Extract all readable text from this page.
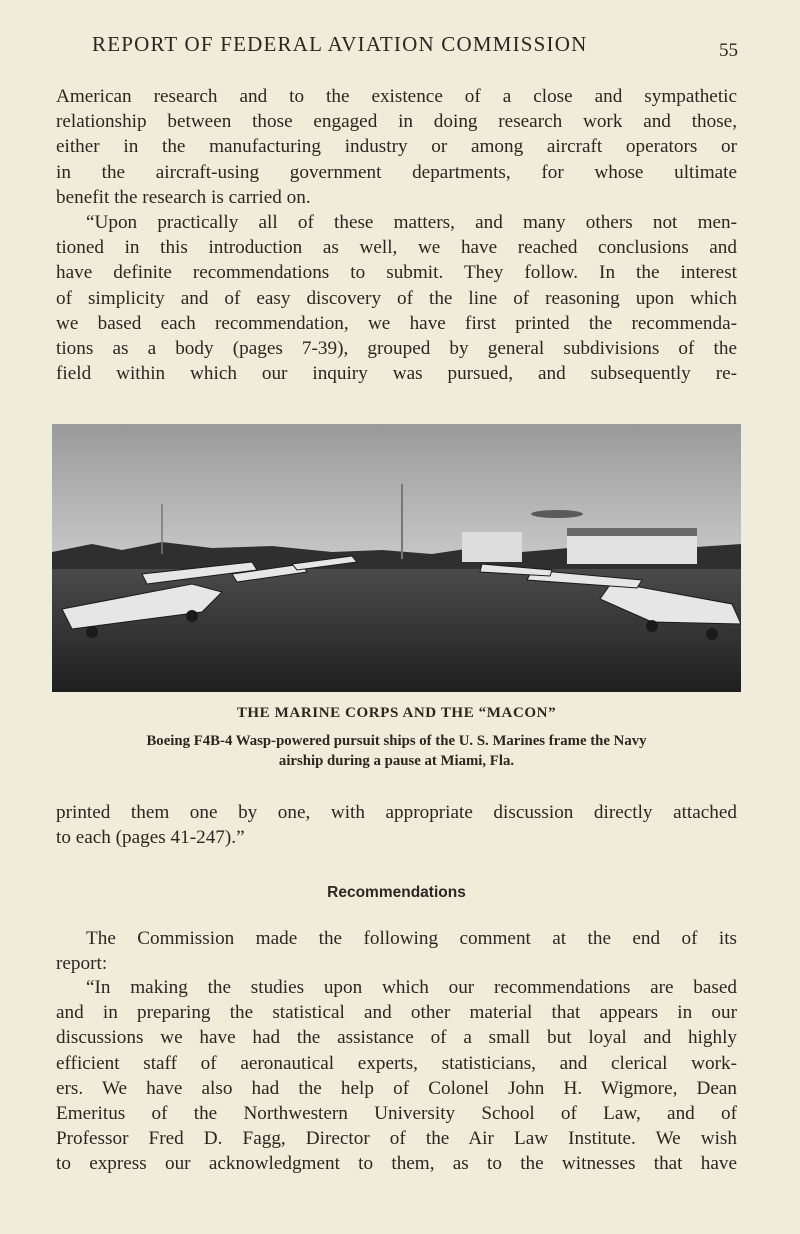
REPORT OF FEDERAL AVIATION COMMISSION	55

American research and to the existence of a close and sympathetic
relationship between those engaged in doing research work and those,
either in the manufacturing industry or among aircraft operators or
in the aircraft-using government departments, for whose ultimate
benefit the research is carried on.

“Upon practically all of these matters, and many others not men-
tioned in this introduction as well, we have reached conclusions and
have definite recommendations to submit. They follow. In the interest
of simplicity and of easy discovery of the line of reasoning upon which
we based each recommendation, we have first printed the recommenda-
tions as a body (pages 7-39), grouped by general subdivisions of the
field within which our inquiry was pursued, and subsequently re-

THE MARINE CORPS AND THE “MACON”
Boeing F4B-4 Wasp-powered pursuit ships of the U. S. Marines frame the Navy
airship during a pause at Miami, Fla.

printed them one by one, with appropriate discussion directly attached
to each (pages 41-247).”

Recommendations

The Commission made the following comment at the end of its
report:

“In making the studies upon which our recommendations are based
and in preparing the statistical and other material that appears in our
discussions we have had the assistance of a small but loyal and highly
efficient staff of aeronautical experts, statisticians, and clerical work-
ers. We have also had the help of Colonel John H. Wigmore, Dean
Emeritus of the Northwestern University School of Law, and of
Professor Fred D. Fagg, Director of the Air Law Institute. We wish
to express our acknowledgment to them, as to the witnesses that have
